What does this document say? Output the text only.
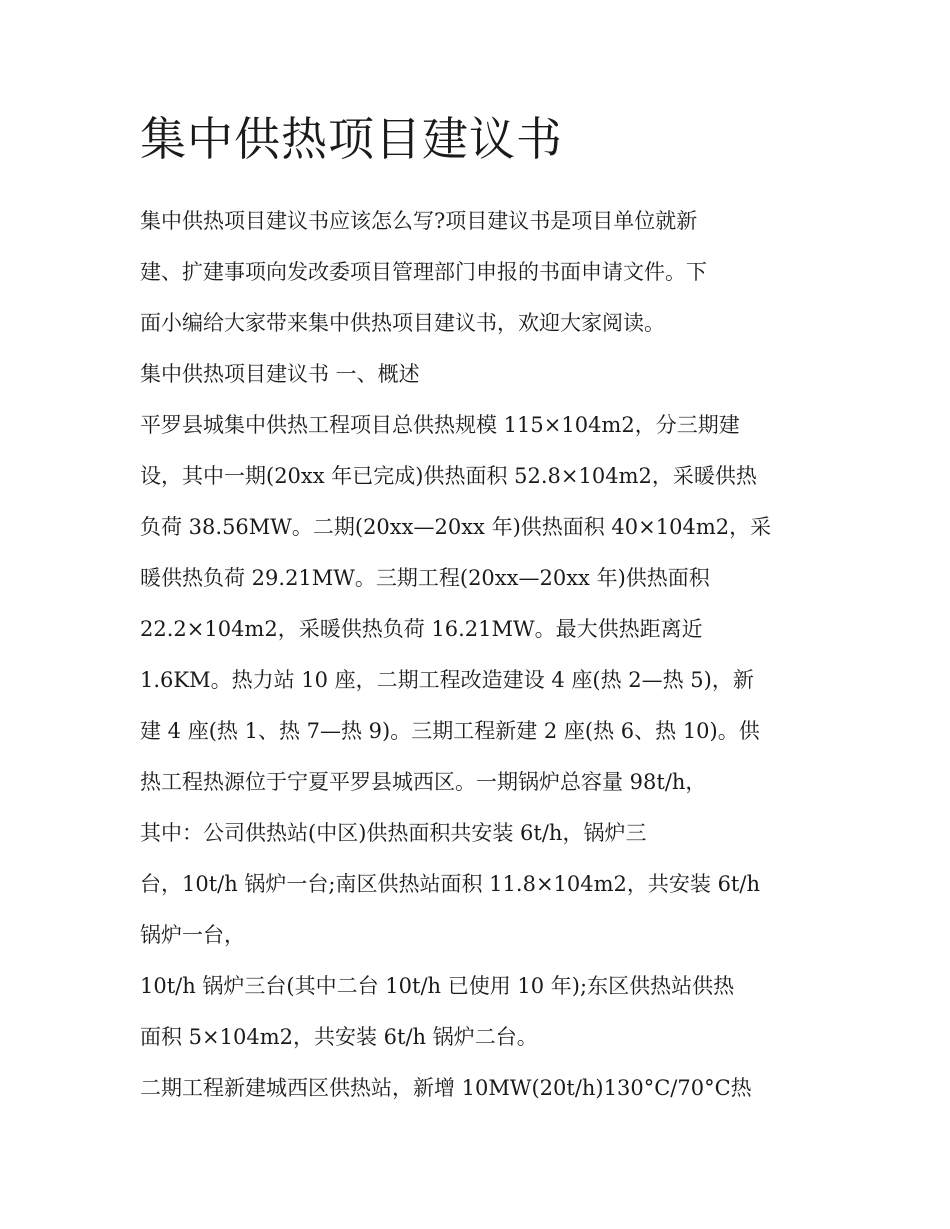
集中供热项目建议书
集中供热项目建议书应该怎么写?项目建议书是项目单位就新
建、扩建事项向发改委项目管理部门申报的书面申请文件。下
面小编给大家带来集中供热项目建议书，欢迎大家阅读。
集中供热项目建议书 一、概述
平罗县城集中供热工程项目总供热规模 115×104m2，分三期建
设，其中一期(20xx 年已完成)供热面积 52.8×104m2，采暖供热
负荷 38.56MW。二期(20xx—20xx 年)供热面积 40×104m2，采
暖供热负荷 29.21MW。三期工程(20xx—20xx 年)供热面积
22.2×104m2，采暖供热负荷 16.21MW。最大供热距离近
1.6KM。热力站 10 座，二期工程改造建设 4 座(热 2—热 5)，新
建 4 座(热 1、热 7—热 9)。三期工程新建 2 座(热 6、热 10)。供
热工程热源位于宁夏平罗县城西区。一期锅炉总容量 98t/h，
其中：公司供热站(中区)供热面积共安装 6t/h，锅炉三
台，10t/h 锅炉一台;南区供热站面积 11.8×104m2，共安装 6t/h
锅炉一台，
10t/h 锅炉三台(其中二台 10t/h 已使用 10 年);东区供热站供热
面积 5×104m2，共安装 6t/h 锅炉二台。
二期工程新建城西区供热站，新增 10MW(20t/h)130°C/70°C热
